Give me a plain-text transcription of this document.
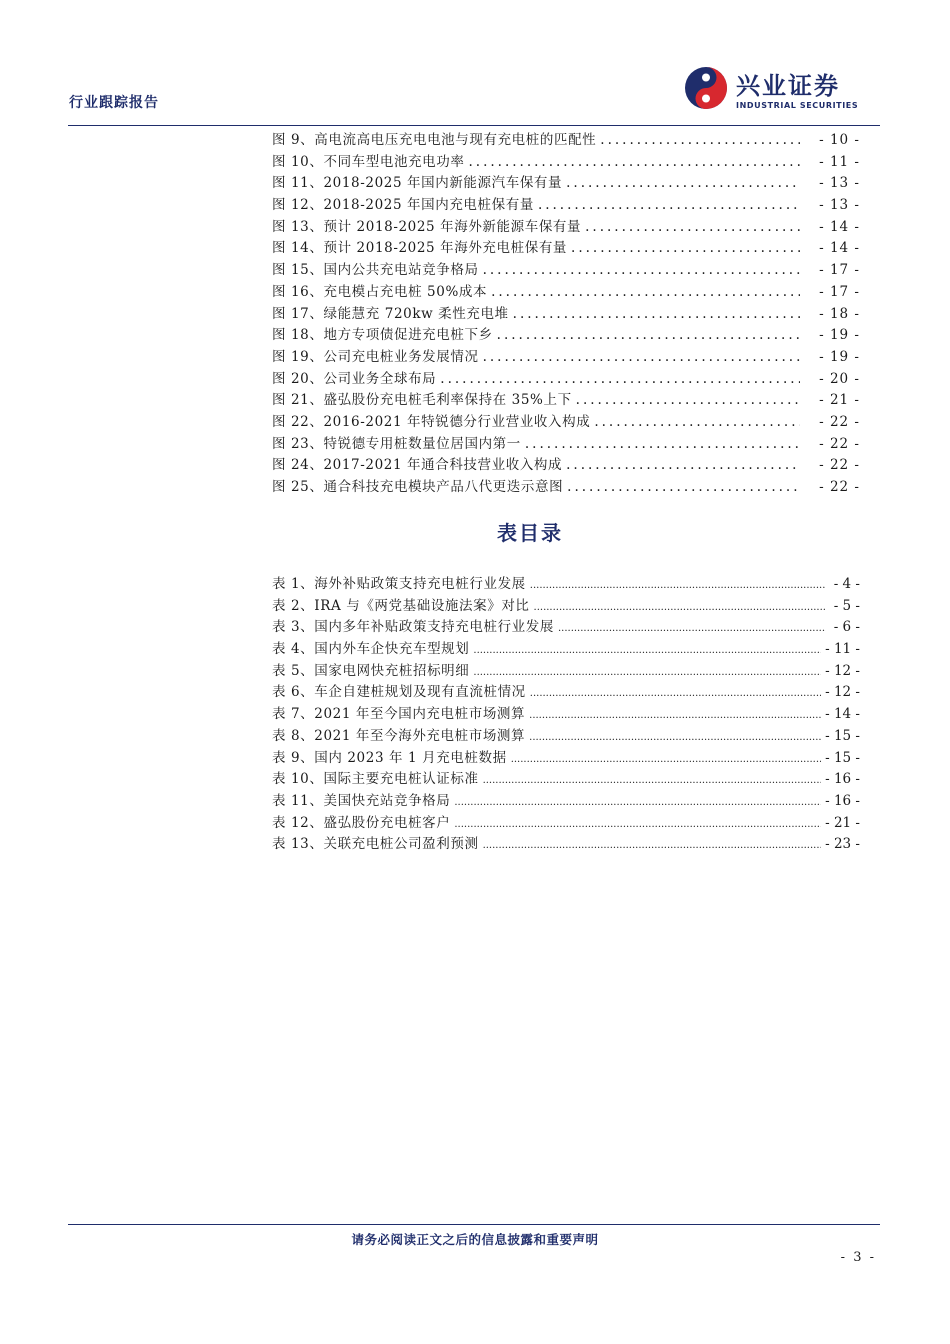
行业跟踪报告
兴业证券
INDUSTRIAL SECURITIES
图 9、高电流高电压充电电池与现有充电桩的匹配性 .....	- 10 -
图 10、不同车型电池充电功率 .....	- 11 -
图 11、2018-2025 年国内新能源汽车保有量 .....	- 13 -
图 12、2018-2025 年国内充电桩保有量 .....	- 13 -
图 13、预计 2018-2025 年海外新能源车保有量 .....	- 14 -
图 14、预计 2018-2025 年海外充电桩保有量 .....	- 14 -
图 15、国内公共充电站竞争格局 .....	- 17 -
图 16、充电模占充电桩 50%成本 .....	- 17 -
图 17、绿能慧充 720kw 柔性充电堆 .....	- 18 -
图 18、地方专项债促进充电桩下乡 .....	- 19 -
图 19、公司充电桩业务发展情况 .....	- 19 -
图 20、公司业务全球布局 .....	- 20 -
图 21、盛弘股份充电桩毛利率保持在 35%上下 .....	- 21 -
图 22、2016-2021 年特锐德分行业营业收入构成 .....	- 22 -
图 23、特锐德专用桩数量位居国内第一 .....	- 22 -
图 24、2017-2021 年通合科技营业收入构成 .....	- 22 -
图 25、通合科技充电模块产品八代更迭示意图 .....	- 22 -
表目录
表 1、海外补贴政策支持充电桩行业发展 .....	- 4 -
表 2、IRA 与《两党基础设施法案》对比 .....	- 5 -
表 3、国内多年补贴政策支持充电桩行业发展 .....	- 6 -
表 4、国内外车企快充车型规划 .....	- 11 -
表 5、国家电网快充桩招标明细 .....	- 12 -
表 6、车企自建桩规划及现有直流桩情况 .....	- 12 -
表 7、2021 年至今国内充电桩市场测算 .....	- 14 -
表 8、2021 年至今海外充电桩市场测算 .....	- 15 -
表 9、国内 2023 年 1 月充电桩数据 .....	- 15 -
表 10、国际主要充电桩认证标准 .....	- 16 -
表 11、美国快充站竞争格局 .....	- 16 -
表 12、盛弘股份充电桩客户 .....	- 21 -
表 13、关联充电桩公司盈利预测 .....	- 23 -
请务必阅读正文之后的信息披露和重要声明
- 3 -
